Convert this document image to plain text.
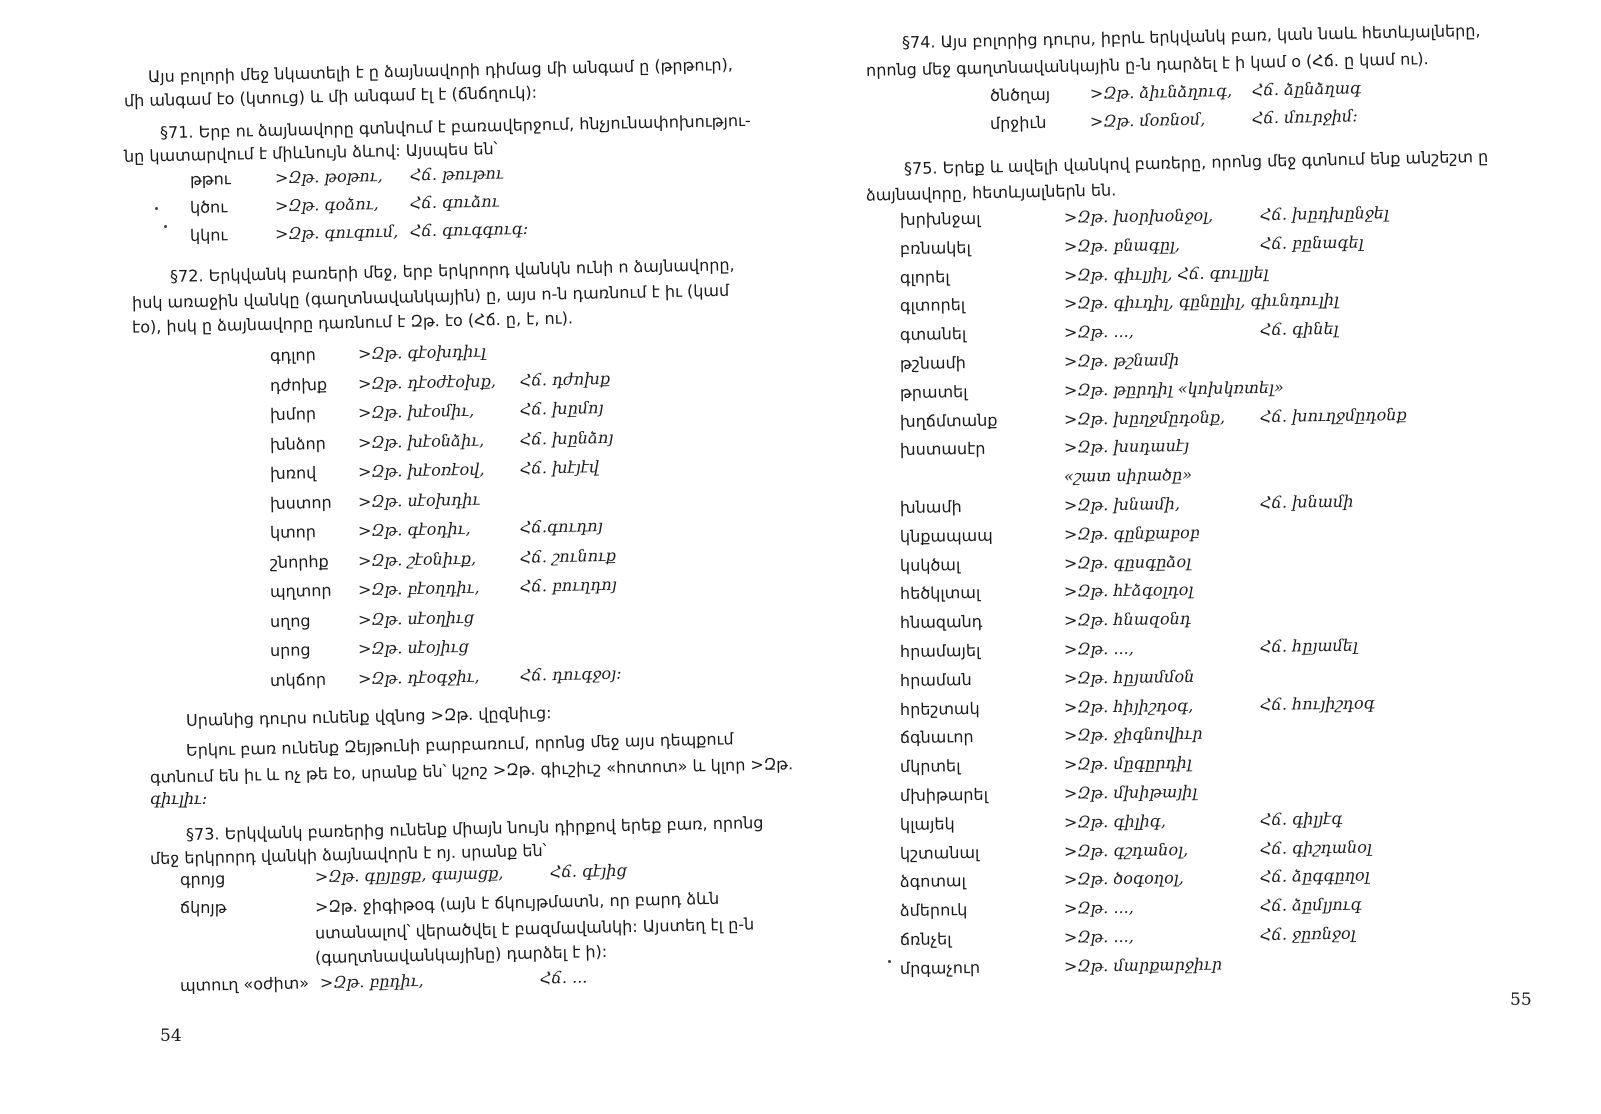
Այս բոլորի մեջ նկատելի է ը ձայնավորի դիմաց մի անգամ ը (թրթուր),
մի անգամ էօ (կտուց) և մի անգամ էլ է (ճնճղուկ):
§71. Երբ ու ձայնավորը գտնվում է բառավերջում, հնչյունափոխությու-
նը կատարվում է միևնույն ձևով: Այսպես են՝
թթու	>Զթ. թօթու, Հճ. թութու
կծու	>Զթ. գօձու, Հճ. գուձու
կկու	>Զթ. գուգում, Հճ. գուգգուգ:
§72. Երկվանկ բառերի մեջ, երբ երկրորդ վանկն ունի ո ձայնավորը,
իսկ առաջին վանկը (գաղտնավանկային) ը, այս ո-ն դառնում է իւ (կամ
էօ), իսկ ը ձայնավորը դառնում է Զթ. էօ (Հճ. ը, է, ու).
գդլոր	>Զթ. գէօխդիւլ
դժոխք >Զթ. դէօժէօխք, Հճ. դժոխք
խմոր	>Զթ. խէօմիւ,	Հճ. խըմոյ
խնձոր >Զթ. խէօնձիւ, Հճ. խընձոյ
խռով	>Զթ. խէօռէօվ, Հճ. խէյէվ
խստոր >Զթ. սէօխդիւ
կտոր	>Զթ. գէօդիւ,	Հճ.գուդոյ
շնորհք >Զթ. շէօնիւք,	Հճ. շունուք
պղտոր >Զթ. բէօղդիւ,	Հճ. բուղդոյ
սղոց	>Զթ. սէօղիւց
սրոց	>Զթ. սէօյիւց
տկճոր >Զթ. դէօգջիւ,	Հճ. դուգջօյ:
Սրանից դուրս ունենք վզնոց >Զթ. վըզնիւց:
Երկու բառ ունենք Զեյթունի բարբառում, որոնց մեջ այս դեպքում
գտնում են իւ և ոչ թե էօ, սրանք են՝ կշոշ >Զթ. գիւշիւշ «հոտոտ» և կլոր >Զթ.
գիւլիւ:
§73. Երկվանկ բառերից ունենք միայն նույն դիրքով երեք բառ, որոնց
մեջ երկրորդ վանկի ձայնավորն է ոյ. սրանք են՝
գրոյց	>Զթ. գըյըցք, գայացք,	Հճ. գէյից
ճկոյթ	>Զթ. ջիգիթօգ (այն է ճկույթմատն, որ բարդ ձևն
ստանալով՝ վերածվել է բազմավանկի: Այստեղ էլ ը-ն
(գաղտնավանկայինը) դարձել է ի):
պտուղ «օժիտ» >Զթ. բըդիւ,	Հճ. ...
54
§74. Այս բոլորից դուրս, իբրև երկվանկ բառ, կան նաև հետևյալները,
որոնց մեջ գաղտնավանկային ը-ն դարձել է ի կամ օ (Հճ. ը կամ ու).
ծնծղայ >Զթ. ձիւնձղուգ, Հճ. ձընձղագ
մրջիւն	>Զթ. մօռնօմ,	Հճ. մուրջիմ:
§75. Երեք և ավելի վանկով բառերը, որոնց մեջ գտնում ենք անշեշտ ը
ձայնավորը, հետևյալներն են.
խրխնջալ	>Զթ. խօրխօնջօլ,	Հճ. խըդխընջել
բռնակել	>Զթ. բնագըլ,	Հճ. բընագել
գլորել	>Զթ. գիւլյիլ, Հճ. գուլլյել
գլտորել	>Զթ. գիւդիլ, գընըլիլ, գիւնդուլիլ
գտանել	>Զթ. ...,	Հճ. գինել
թշնամի	>Զթ. թշնամի
թրատել	>Զթ. թըրդիլ «կոխկռտել»
խղճմտանք	>Զթ. խըղջմըդօնք, Հճ. խուղջմըդօնք
խստասէր	>Զթ. խսդասէյ
«շատ սիրածը»
խնամի	>Զթ. խնամի,	Հճ. խնամի
կնքապապ	>Զթ. գընքաբօբ
կսկծալ	>Զթ. գըսգըձօլ
հեծկլտալ	>Զթ. հէձգօլդօլ
հնազանդ	>Զթ. հնազօնդ
հրամայել	>Զթ. ...,	Հճ. հըյամել
հրաման	>Զթ. հըյամմօն
հրեշտակ	>Զթ. հիյիշդօգ,	Հճ. հույիշդօգ
ճգնաւոր	>Զթ. ջիգնովիւր
մկրտել	>Զթ. մըգըրդիլ
մխիթարել	>Զթ. մխիթայիլ
կլայեկ	>Զթ. գիլիգ,	Հճ. գիլյէգ
կշտանալ	>Զթ. գշդանօլ,	Հճ. գիշդանօլ
ձգոտալ	>Զթ. ծօգօղօլ,	Հճ. ձըգգըղօլ
ձմերուկ	>Զթ. ...,	Հճ. ձըմլյուգ
ճռնչել	>Զթ. ...,	Հճ. ջըռնջօլ
մրգաչուր	>Զթ. մարքարջիւր
55
